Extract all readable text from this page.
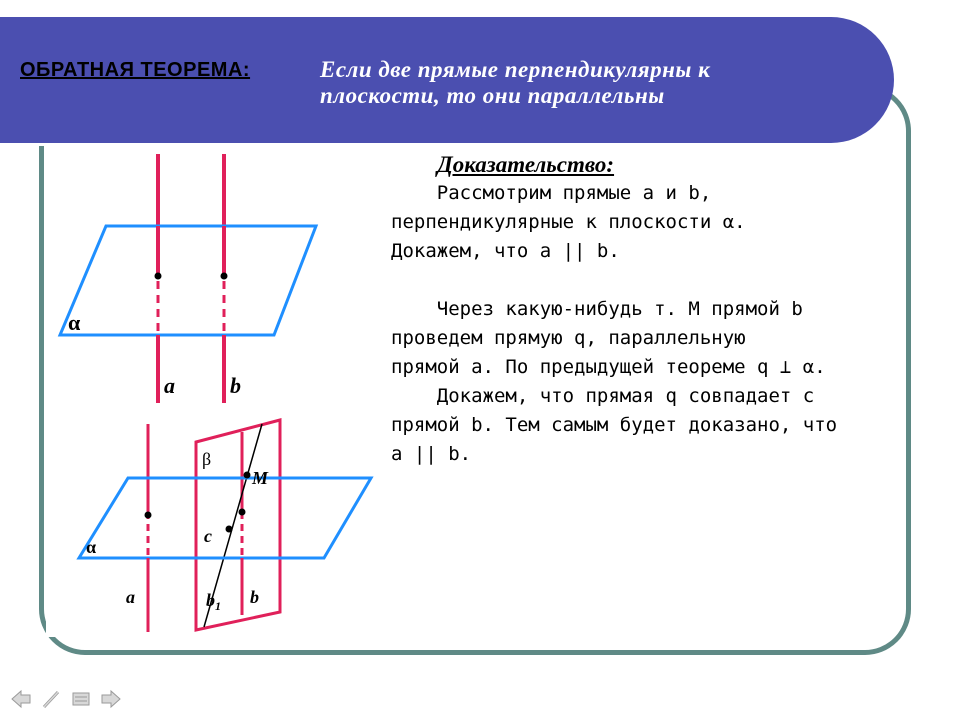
ОБРАТНАЯ ТЕОРЕМА:	Если две прямые перпендикулярны к
плоскости, то они параллельны
Доказательство:
Рассмотрим прямые a и b,
перпендикулярные к плоскости α.
Докажем, что a || b.
Через какую-нибудь т. M прямой b
проведем прямую q, параллельную
прямой a. По предыдущей теореме q ⊥ α.
Докажем, что прямая q совпадает с
прямой b. Тем самым будет доказано, что
a || b.
α
a	b
α
β
M
c
a	b
$b_1$
